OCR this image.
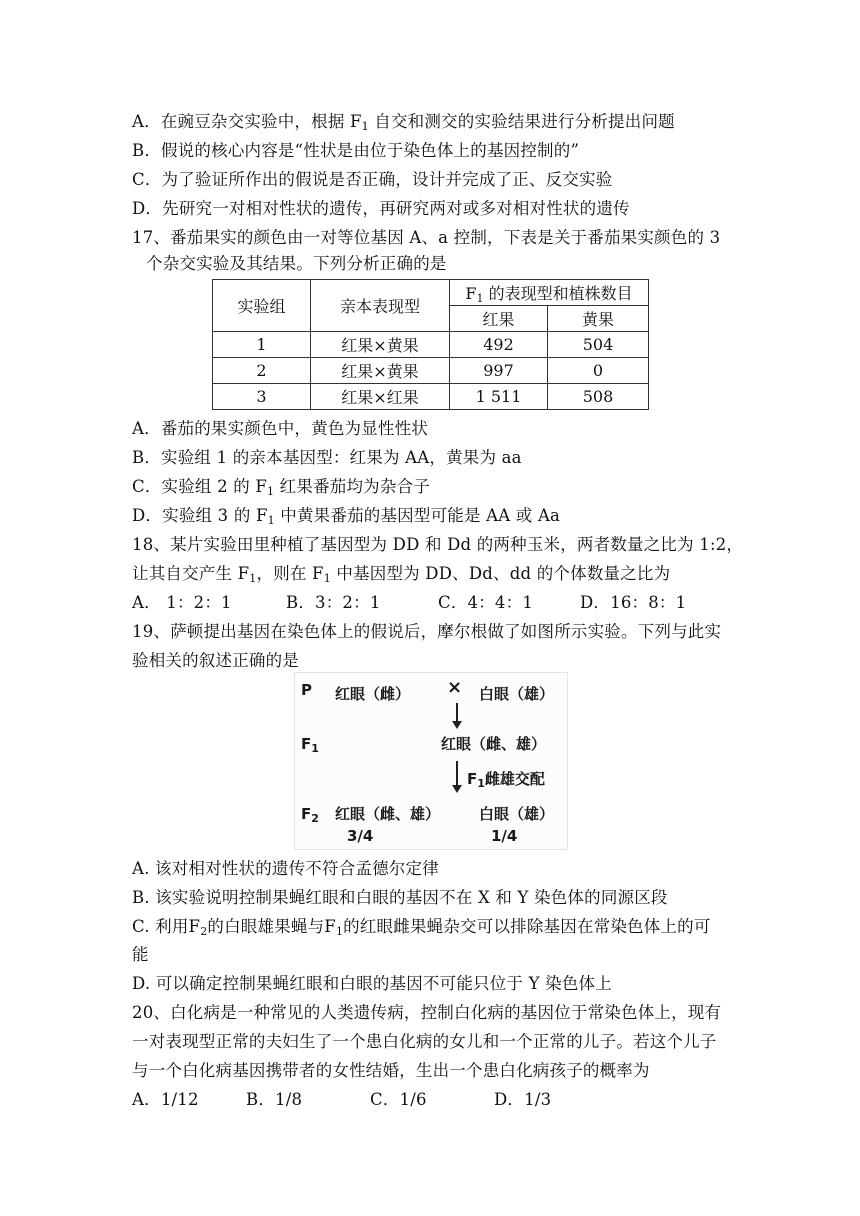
A．在豌豆杂交实验中，根据 $F_1$ 自交和测交的实验结果进行分析提出问题
B．假说的核心内容是“性状是由位于染色体上的基因控制的”
C．为了验证所作出的假说是否正确，设计并完成了正、反交实验
D．先研究一对相对性状的遗传，再研究两对或多对相对性状的遗传
17、番茄果实的颜色由一对等位基因 A、a 控制，下表是关于番茄果实颜色的 3
个杂交实验及其结果。下列分析正确的是
实验组	亲本表现型	$F_1$ 的表现型和植株数目	
		红果	黄果
1	红果×黄果	492	504
2	红果×黄果	997	0
3	红果×红果	1 511	508
A．番茄的果实颜色中，黄色为显性性状
B．实验组 1 的亲本基因型：红果为 AA，黄果为 aa
C．实验组 2 的 $F_1$ 红果番茄均为杂合子
D．实验组 3 的 $F_1$ 中黄果番茄的基因型可能是 AA 或 Aa
18、某片实验田里种植了基因型为 DD 和 Dd 的两种玉米，两者数量之比为 1:2，
让其自交产生 $F_1$，则在 $F_1$ 中基因型为 DD、Dd、dd 的个体数量之比为
A． 1：2：1	B．3：2：1	C．4：4：1	D．16：8：1
19、萨顿提出基因在染色体上的假说后，摩尔根做了如图所示实验。下列与此实
验相关的叙述正确的是
P 红眼（雌） × 白眼（雄）
$F_1$	红眼（雌、雄）
$F_1$雌雄交配
$F_2$ 红眼（雌、雄）	白眼（雄）
3/4	1/4
A. 该对相对性状的遗传不符合孟德尔定律
B. 该实验说明控制果蝇红眼和白眼的基因不在 X 和 Y 染色体的同源区段
C. 利用$F_2$的白眼雄果蝇与$F_1$的红眼雌果蝇杂交可以排除基因在常染色体上的可
能
D. 可以确定控制果蝇红眼和白眼的基因不可能只位于 Y 染色体上
20、白化病是一种常见的人类遗传病，控制白化病的基因位于常染色体上，现有
一对表现型正常的夫妇生了一个患白化病的女儿和一个正常的儿子。若这个儿子
与一个白化病基因携带者的女性结婚，生出一个患白化病孩子的概率为
A．1/12	B．1/8	C．1/6	D．1/3
